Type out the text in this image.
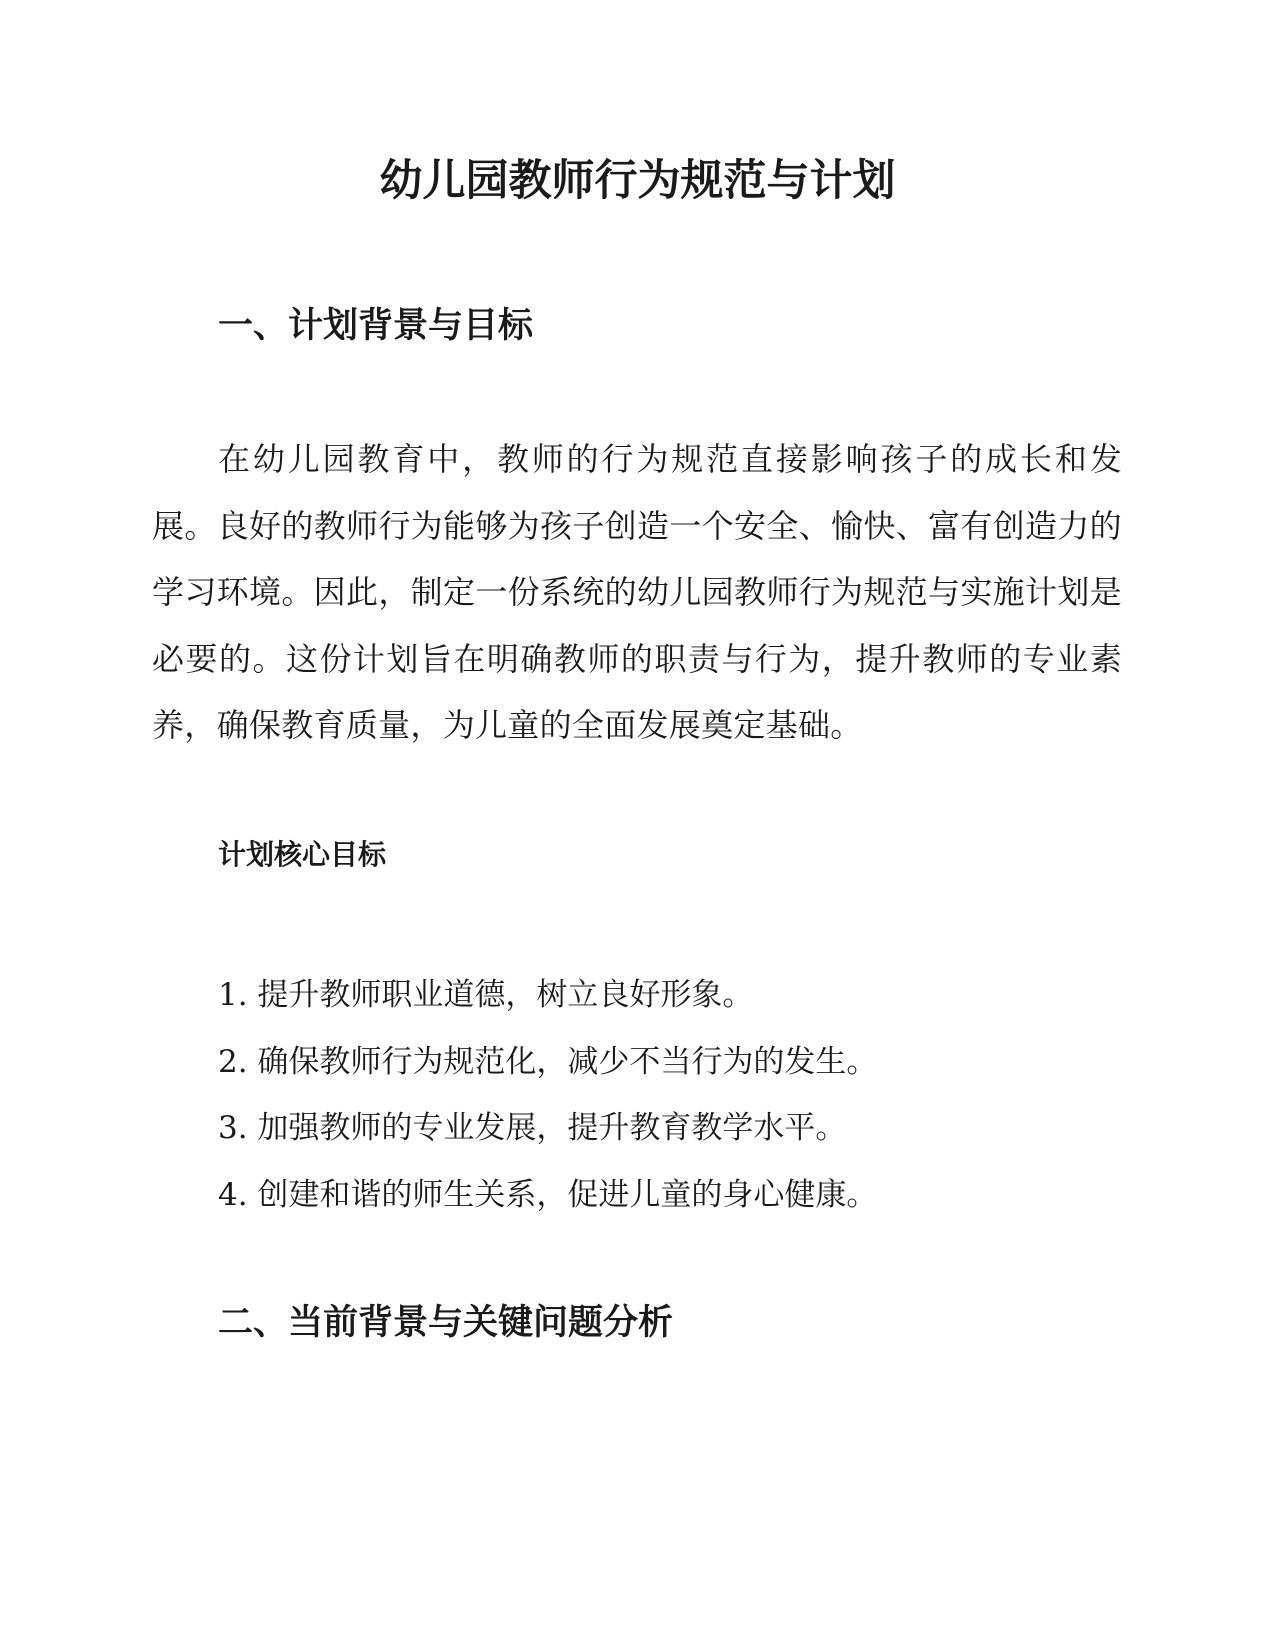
幼儿园教师行为规范与计划
一、计划背景与目标

在幼儿园教育中，教师的行为规范直接影响孩子的成长和发展。良好的教师行为能够为孩子创造一个安全、愉快、富有创造力的学习环境。因此，制定一份系统的幼儿园教师行为规范与实施计划是必要的。这份计划旨在明确教师的职责与行为，提升教师的专业素养，确保教育质量，为儿童的全面发展奠定基础。

计划核心目标
1. 提升教师职业道德，树立良好形象。
2. 确保教师行为规范化，减少不当行为的发生。
3. 加强教师的专业发展，提升教育教学水平。
4. 创建和谐的师生关系，促进儿童的身心健康。
二、当前背景与关键问题分析
